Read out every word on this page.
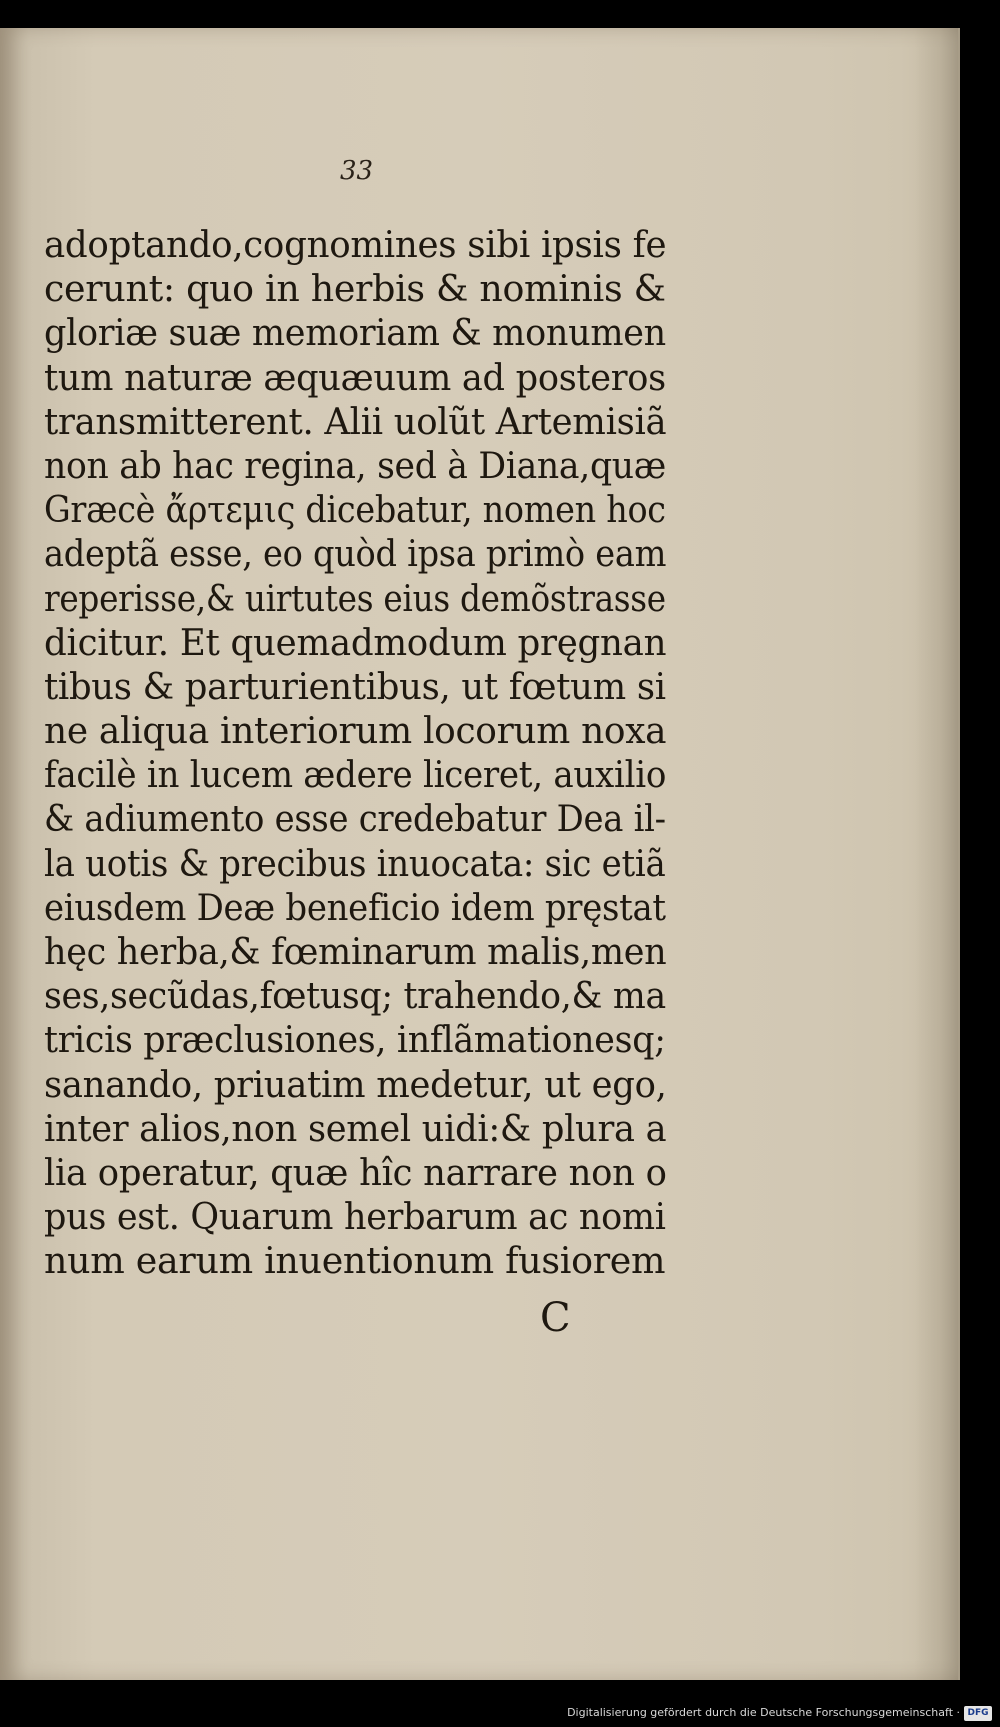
33
adoptando,cognomines sibi ipsis fe
cerunt: quo in herbis & nominis &
gloriæ suæ memoriam & monumen
tum naturæ æquæuum ad posteros
transmitterent. Alii uolũt Artemisiã
non ab hac regina, sed à Diana,quæ
Græcè ἄρτεμις dicebatur, nomen hoc
adeptã esse, eo quòd ipsa primò eam
reperisse,& uirtutes eius demõstrasse
dicitur. Et quemadmodum pręgnan
tibus & parturientibus, ut fœtum si
ne aliqua interiorum locorum noxa
facilè in lucem ædere liceret, auxilio
& adiumento esse credebatur Dea il-
la uotis & precibus inuocata: sic etiã
eiusdem Deæ beneficio idem pręstat
hęc herba,& fœminarum malis,men
ses,secũdas,fœtusq; trahendo,& ma
tricis præclusiones, inflãmationesq;
sanando, priuatim medetur, ut ego,
inter alios,non semel uidi:& plura a
lia operatur, quæ hîc narrare non o
pus est. Quarum herbarum ac nomi
num earum inuentionum fusiorem
C
Digitalisierung gefördert durch die Deutsche Forschungsgemeinschaft · DFG
